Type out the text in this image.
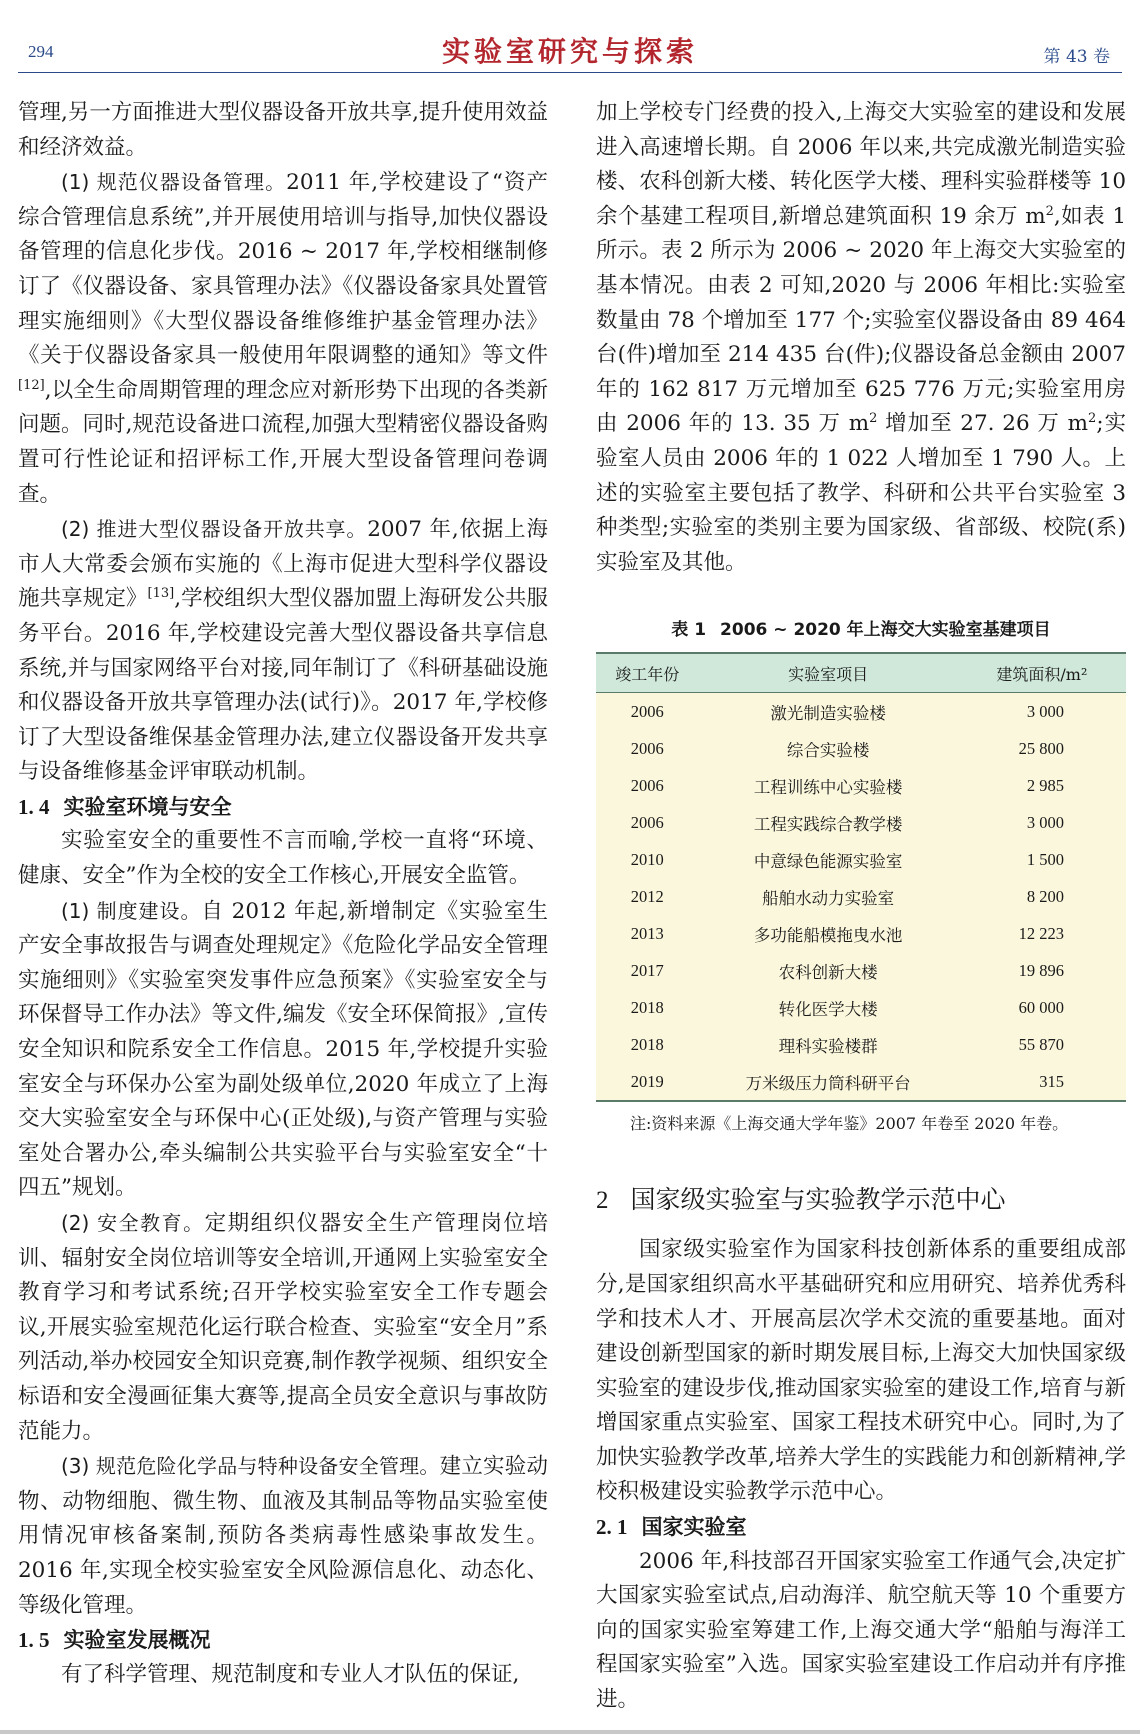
294	实验室研究与探索	第 43 卷

管理,另一方面推进大型仪器设备开放共享,提升使用效益和经济效益。

(1) 规范仪器设备管理。2011 年,学校建设了“资产综合管理信息系统”,并开展使用培训与指导,加快仪器设备管理的信息化步伐。2016 ~ 2017 年,学校相继制修订了《仪器设备、家具管理办法》《仪器设备家具处置管理实施细则》《大型仪器设备维修维护基金管理办法》《关于仪器设备家具一般使用年限调整的通知》等文件[12],以全生命周期管理的理念应对新形势下出现的各类新问题。同时,规范设备进口流程,加强大型精密仪器设备购置可行性论证和招评标工作,开展大型设备管理问卷调查。

(2) 推进大型仪器设备开放共享。2007 年,依据上海市人大常委会颁布实施的《上海市促进大型科学仪器设施共享规定》[13],学校组织大型仪器加盟上海研发公共服务平台。2016 年,学校建设完善大型仪器设备共享信息系统,并与国家网络平台对接,同年制订了《科研基础设施和仪器设备开放共享管理办法(试行)》。2017 年,学校修订了大型设备维保基金管理办法,建立仪器设备开发共享与设备维修基金评审联动机制。

1. 4 实验室环境与安全

实验室安全的重要性不言而喻,学校一直将“环境、健康、安全”作为全校的安全工作核心,开展安全监管。

(1) 制度建设。自 2012 年起,新增制定《实验室生产安全事故报告与调查处理规定》《危险化学品安全管理实施细则》《实验室突发事件应急预案》《实验室安全与环保督导工作办法》等文件,编发《安全环保简报》,宣传安全知识和院系安全工作信息。2015 年,学校提升实验室安全与环保办公室为副处级单位,2020 年成立了上海交大实验室安全与环保中心(正处级),与资产管理与实验室处合署办公,牵头编制公共实验平台与实验室安全“十四五”规划。

(2) 安全教育。定期组织仪器安全生产管理岗位培训、辐射安全岗位培训等安全培训,开通网上实验室安全教育学习和考试系统;召开学校实验室安全工作专题会议,开展实验室规范化运行联合检查、实验室“安全月”系列活动,举办校园安全知识竞赛,制作教学视频、组织安全标语和安全漫画征集大赛等,提高全员安全意识与事故防范能力。

(3) 规范危险化学品与特种设备安全管理。建立实验动物、动物细胞、微生物、血液及其制品等物品实验室使用情况审核备案制,预防各类病毒性感染事故发生。2016 年,实现全校实验室安全风险源信息化、动态化、等级化管理。

1. 5 实验室发展概况

有了科学管理、规范制度和专业人才队伍的保证,

加上学校专门经费的投入,上海交大实验室的建设和发展进入高速增长期。自 2006 年以来,共完成激光制造实验楼、农科创新大楼、转化医学大楼、理科实验群楼等 10 余个基建工程项目,新增总建筑面积 19 余万 $m^2$,如表 1 所示。表 2 所示为 2006 ~ 2020 年上海交大实验室的基本情况。由表 2 可知,2020 与 2006 年相比:实验室数量由 78 个增加至 177 个;实验室仪器设备由 89 464 台(件)增加至 214 435 台(件);仪器设备总金额由 2007 年的 162 817 万元增加至 625 776 万元;实验室用房由 2006 年的 13. 35 万 $m^2$ 增加至 27. 26 万 $m^2$;实验室人员由 2006 年的 1 022 人增加至 1 790 人。上述的实验室主要包括了教学、科研和公共平台实验室 3 种类型;实验室的类别主要为国家级、省部级、校院(系)实验室及其他。

表 1 2006 ~ 2020 年上海交大实验室基建项目
竣工年份	实验室项目	建筑面积/m²
2006	激光制造实验楼	3 000
2006	综合实验楼	25 800
2006	工程训练中心实验楼	2 985
2006	工程实践综合教学楼	3 000
2010	中意绿色能源实验室	1 500
2012	船舶水动力实验室	8 200
2013	多功能船模拖曳水池	12 223
2017	农科创新大楼	19 896
2018	转化医学大楼	60 000
2018	理科实验楼群	55 870
2019	万米级压力筒科研平台	315
注:资料来源《上海交通大学年鉴》2007 年卷至 2020 年卷。
2 国家级实验室与实验教学示范中心

国家级实验室作为国家科技创新体系的重要组成部分,是国家组织高水平基础研究和应用研究、培养优秀科学和技术人才、开展高层次学术交流的重要基地。面对建设创新型国家的新时期发展目标,上海交大加快国家级实验室的建设步伐,推动国家实验室的建设工作,培育与新增国家重点实验室、国家工程技术研究中心。同时,为了加快实验教学改革,培养大学生的实践能力和创新精神,学校积极建设实验教学示范中心。

2. 1 国家实验室

2006 年,科技部召开国家实验室工作通气会,决定扩大国家实验室试点,启动海洋、航空航天等 10 个重要方向的国家实验室筹建工作,上海交通大学“船舶与海洋工程国家实验室”入选。国家实验室建设工作启动并有序推进。
